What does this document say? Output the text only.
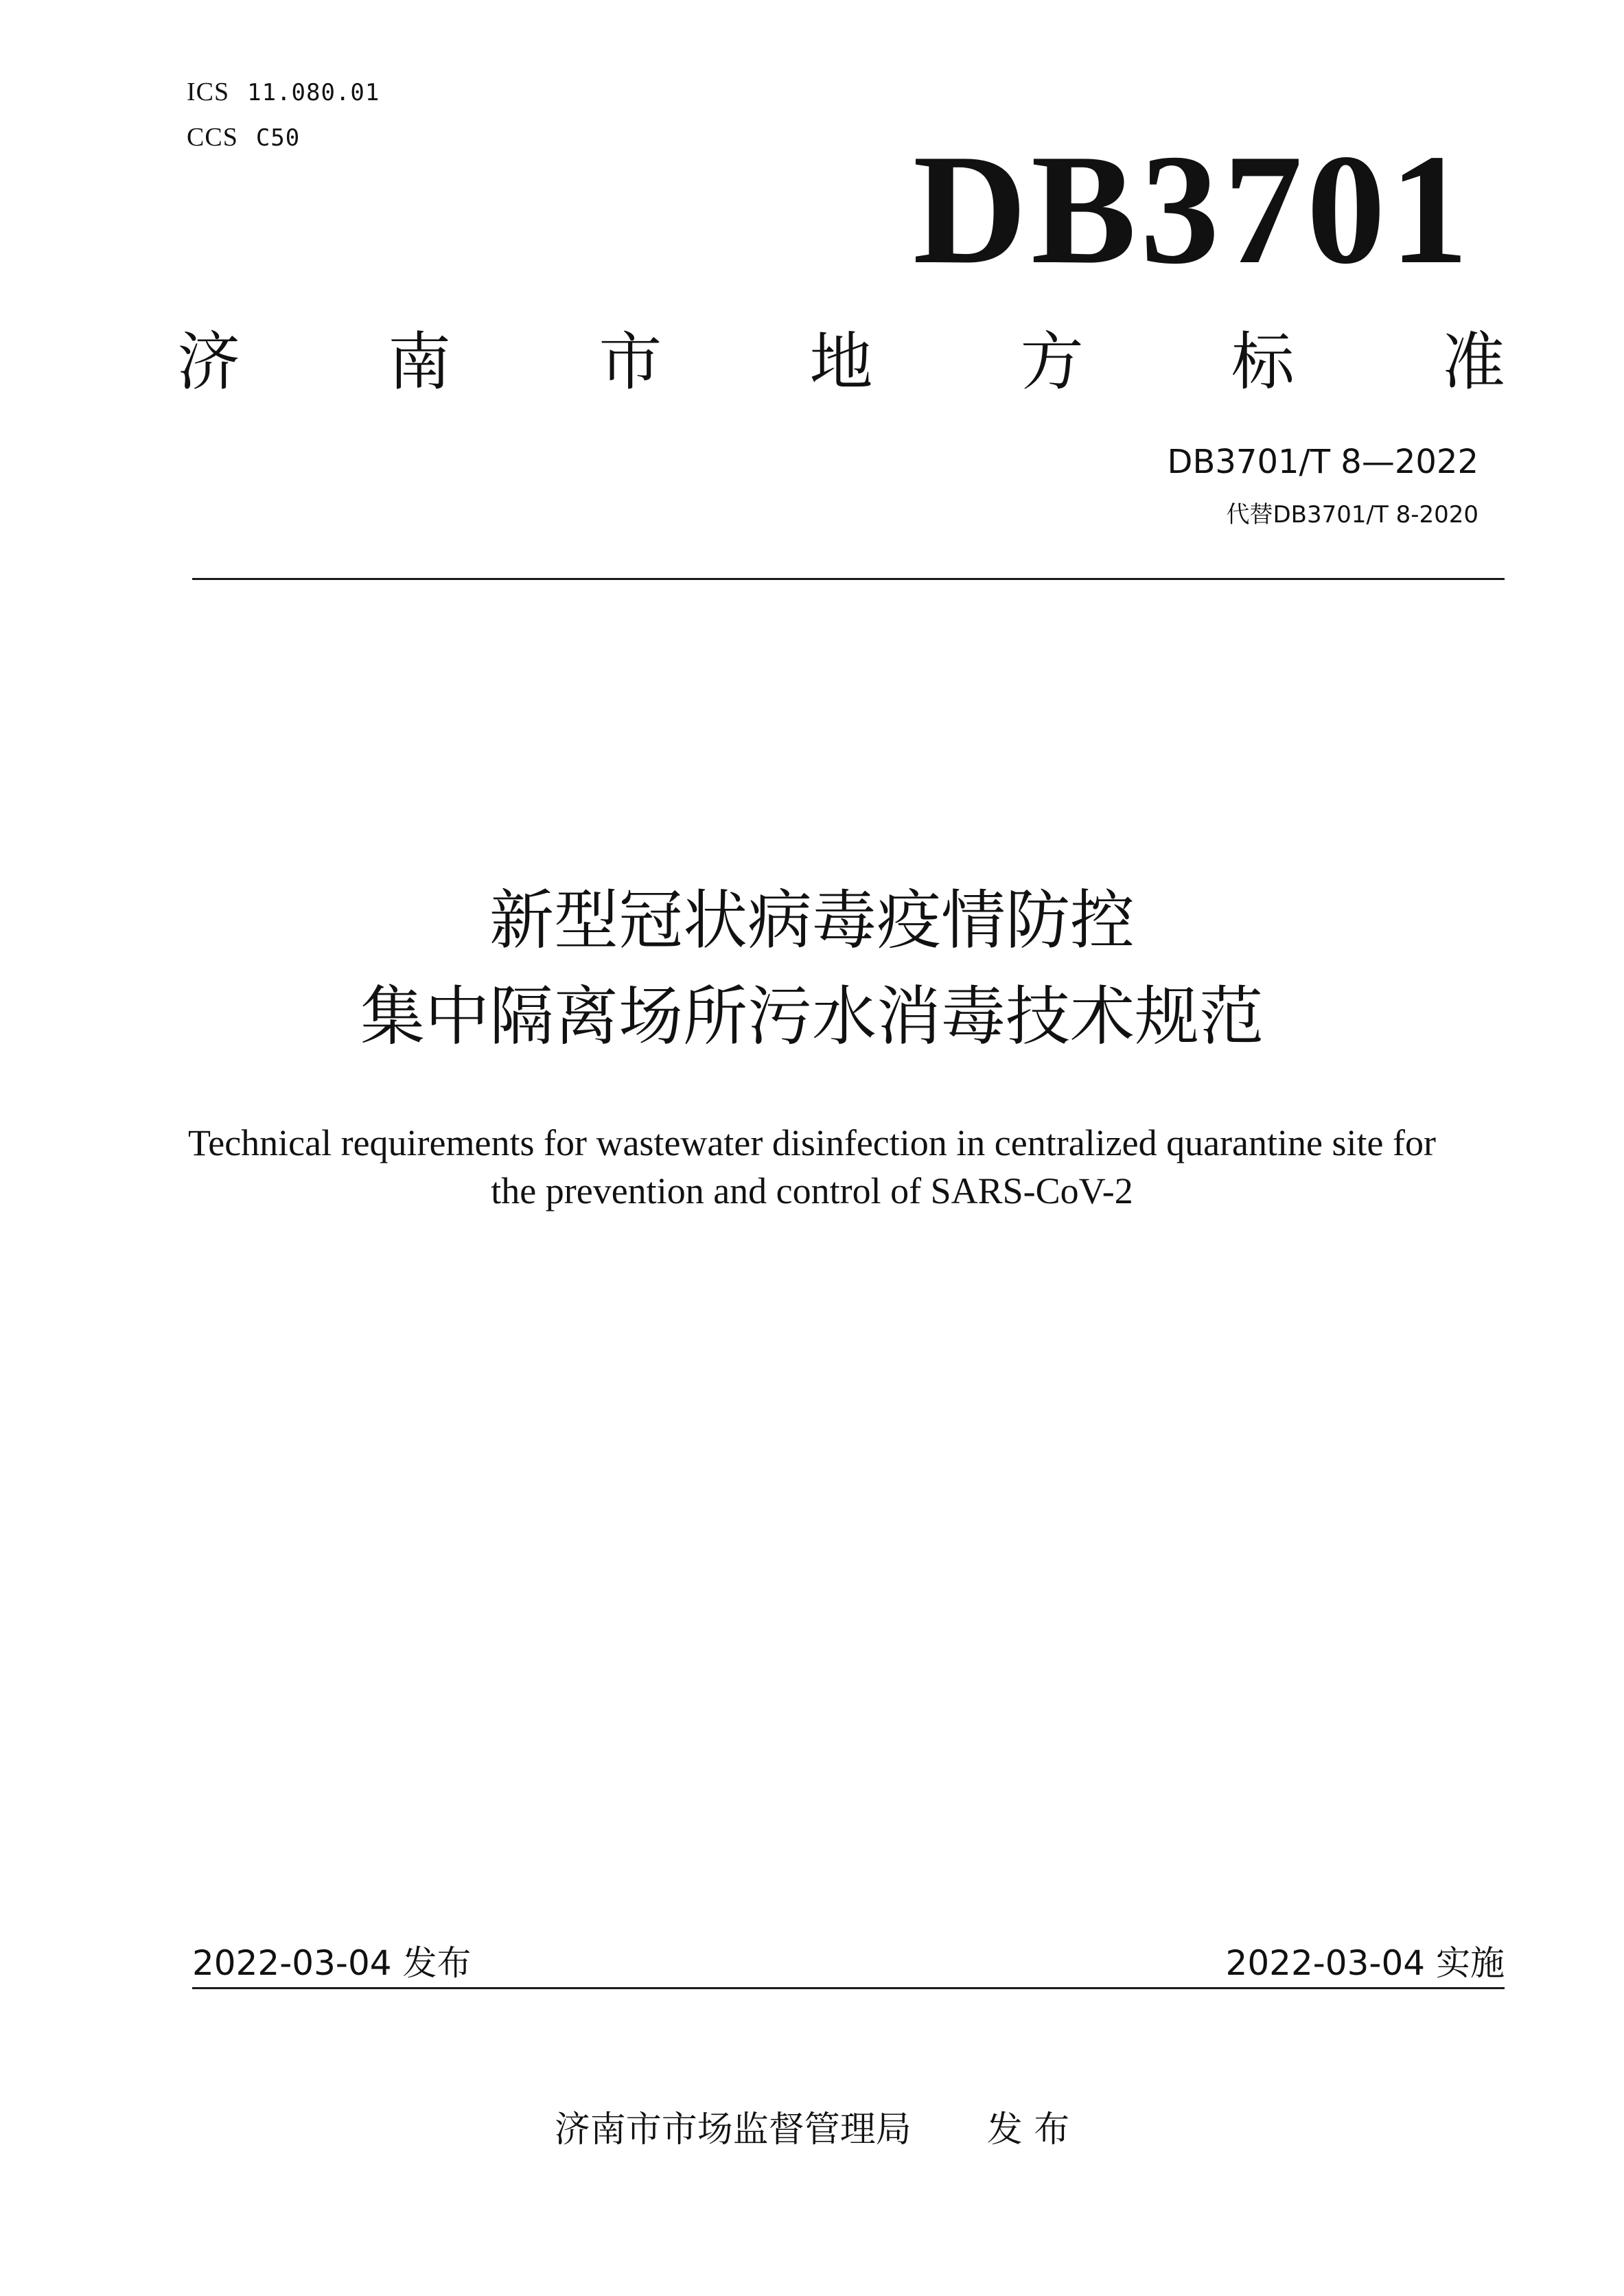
ICS 11.080.01
CCS C50	DB3701
济 南 市 地 方 标 准
DB3701/T 8—2022
代替DB3701/T 8-2020
新型冠状病毒疫情防控
集中隔离场所污水消毒技术规范
Technical requirements for wastewater disinfection in centralized quarantine site for
the prevention and control of SARS-CoV-2
2022-03-04 发布	2022-03-04 实施
济南市市场监督管理局 发 布
